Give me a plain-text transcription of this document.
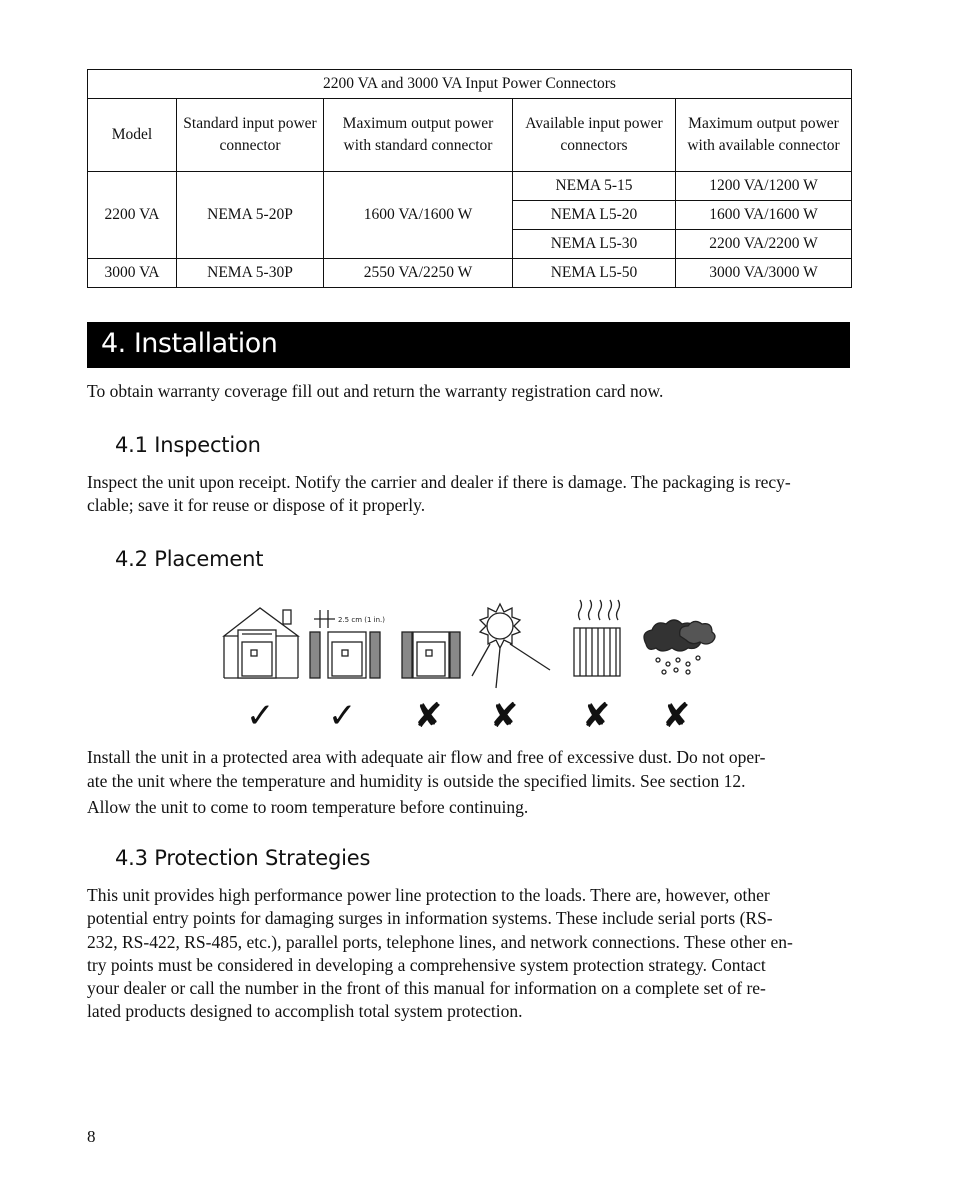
2200 VA and 3000 VA Input Power Connectors				
Model	Standard input power connector	Maximum output power with standard connector	Available input power connectors	Maximum output power with available connector
2200 VA	NEMA 5-20P	1600 VA/1600 W	NEMA 5-15	1200 VA/1200 W
			NEMA L5-20	1600 VA/1600 W
			NEMA L5-30	2200 VA/2200 W
3000 VA	NEMA 5-30P	2550 VA/2250 W	NEMA L5-50	3000 VA/3000 W
4. Installation

To obtain warranty coverage fill out and return the warranty registration card now.

4.1 Inspection
Inspect the unit upon receipt. Notify the carrier and dealer if there is damage. The packaging is recy-
clable; save it for reuse or dispose of it properly.
4.2 Placement
2.5 cm (1 in.)
✓ ✓ ✘ ✘ ✘ ✘
Install the unit in a protected area with adequate air flow and free of excessive dust. Do not oper-
ate the unit where the temperature and humidity is outside the specified limits. See section 12.
Allow the unit to come to room temperature before continuing.
4.3 Protection Strategies
This unit provides high performance power line protection to the loads. There are, however, other
potential entry points for damaging surges in information systems. These include serial ports (RS-
232, RS-422, RS-485, etc.), parallel ports, telephone lines, and network connections. These other en-
try points must be considered in developing a comprehensive system protection strategy. Contact
your dealer or call the number in the front of this manual for information on a complete set of re-
lated products designed to accomplish total system protection.
8
